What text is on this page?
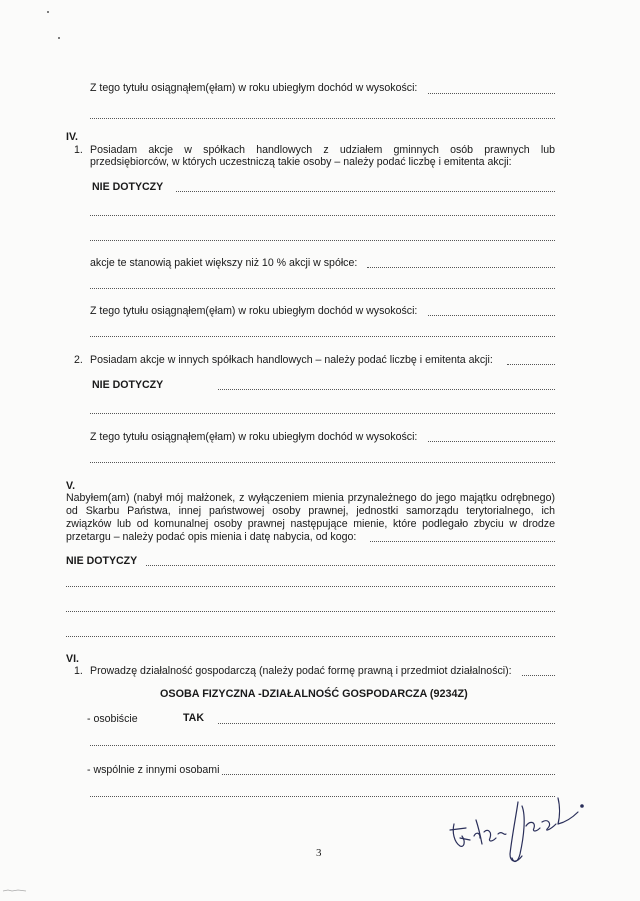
Z tego tytułu osiągnąłem(ęłam) w roku ubiegłym dochód w wysokości:
IV.
1. Posiadam akcje w spółkach handlowych z udziałem gminnych osób prawnych lub
przedsiębiorców, w których uczestniczą takie osoby – należy podać liczbę i emitenta akcji:
NIE DOTYCZY
akcje te stanowią pakiet większy niż 10 % akcji w spółce:
Z tego tytułu osiągnąłem(ęłam) w roku ubiegłym dochód w wysokości:
2. Posiadam akcje w innych spółkach handlowych – należy podać liczbę i emitenta akcji:
NIE DOTYCZY
Z tego tytułu osiągnąłem(ęłam) w roku ubiegłym dochód w wysokości:
V.
Nabyłem(am) (nabył mój małżonek, z wyłączeniem mienia przynależnego do jego majątku odrębnego)
od Skarbu Państwa, innej państwowej osoby prawnej, jednostki samorządu terytorialnego, ich
związków lub od komunalnej osoby prawnej następujące mienie, które podlegało zbyciu w drodze
przetargu – należy podać opis mienia i datę nabycia, od kogo:
NIE DOTYCZY
VI.
1. Prowadzę działalność gospodarczą (należy podać formę prawną i przedmiot działalności):
OSOBA FIZYCZNA -DZIAŁALNOŚĆ GOSPODARCZA (9234Z)
- osobiście	TAK
- wspólnie z innymi osobami
3
